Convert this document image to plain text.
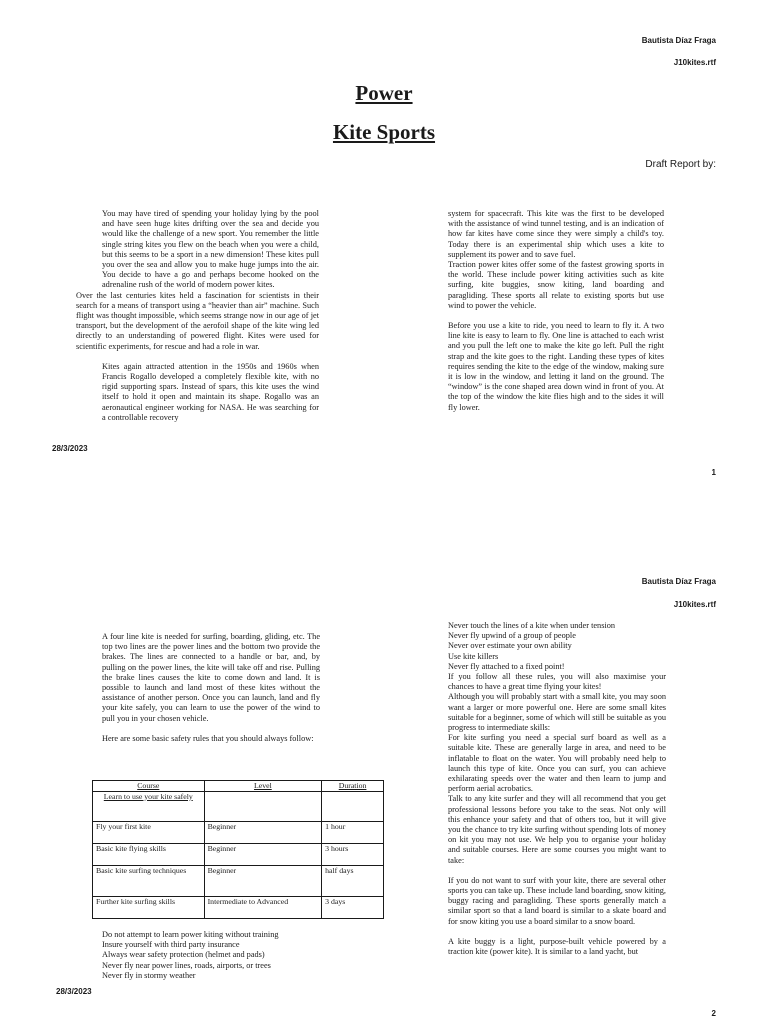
Bautista Díaz Fraga
J10kites.rtf
Power
Kite Sports
Draft Report by:

You may have tired of spending your holiday lying by the pool and have seen huge kites drifting over the sea and decide you would like the challenge of a new sport. You remember the little single string kites you flew on the beach when you were a child, but this seems to be a sport in a new dimension! These kites pull you over the sea and allow you to make huge jumps into the air. You decide to have a go and perhaps become hooked on the adrenaline rush of the world of modern power kites.

Over the last centuries kites held a fascination for scientists in their search for a means of transport using a “heavier than air” machine. Such flight was thought impossible, which seems strange now in our age of jet transport, but the development of the aerofoil shape of the kite wing led directly to an understanding of powered flight. Kites were used for scientific experiments, for rescue and had a role in war.

Kites again attracted attention in the 1950s and 1960s when Francis Rogallo developed a completely flexible kite, with no rigid supporting spars. Instead of spars, this kite uses the wind itself to hold it open and maintain its shape. Rogallo was an aeronautical engineer working for NASA. He was searching for a controllable recovery

system for spacecraft. This kite was the first to be developed with the assistance of wind tunnel testing, and is an indication of how far kites have come since they were simply a child's toy. Today there is an experimental ship which uses a kite to supplement its power and to save fuel.

Traction power kites offer some of the fastest growing sports in the world. These include power kiting activities such as kite surfing, kite buggies, snow kiting, land boarding and paragliding. These sports all relate to existing sports but use wind to power the vehicle.

Before you use a kite to ride, you need to learn to fly it. A two line kite is easy to learn to fly. One line is attached to each wrist and you pull the left one to make the kite go left. Pull the right strap and the kite goes to the right. Landing these types of kites requires sending the kite to the edge of the window, making sure it is low in the window, and letting it land on the ground. The “window” is the cone shaped area down wind in front of you. At the top of the window the kite flies high and to the sides it will fly lower.

28/3/2023
1
Bautista Díaz Fraga
J10kites.rtf

A four line kite is needed for surfing, boarding, gliding, etc. The top two lines are the power lines and the bottom two provide the brakes. The lines are connected to a handle or bar, and, by pulling on the power lines, the kite will take off and rise. Pulling the brake lines causes the kite to come down and land. It is possible to launch and land most of these kites without the assistance of another person. Once you can launch, land and fly your kite safely, you can learn to use the power of the wind to pull you in your chosen vehicle.

Here are some basic safety rules that you should always follow:

Course	Level	Duration
Learn to use your kite safely		
Fly your first kite	Beginner	1 hour
Basic kite flying skills	Beginner	3 hours
Basic kite surfing techniques	Beginner	half days
Further kite surfing skills	Intermediate to Advanced	3 days

Do not attempt to learn power kiting without training

Insure yourself with third party insurance

Always wear safety protection (helmet and pads)

Never fly near power lines, roads, airports, or trees

Never fly in stormy weather

Never touch the lines of a kite when under tension

Never fly upwind of a group of people

Never over estimate your own ability

Use kite killers

Never fly attached to a fixed point!

If you follow all these rules, you will also maximise your chances to have a great time flying your kites!

Although you will probably start with a small kite, you may soon want a larger or more powerful one. Here are some small kites suitable for a beginner, some of which will still be suitable as you progress to intermediate skills:

For kite surfing you need a special surf board as well as a suitable kite. These are generally large in area, and need to be inflatable to float on the water. You will probably need help to launch this type of kite. Once you can surf, you can achieve exhilarating speeds over the water and then learn to jump and perform aerial acrobatics.

Talk to any kite surfer and they will all recommend that you get professional lessons before you take to the seas. Not only will this enhance your safety and that of others too, but it will give you the chance to try kite surfing without spending lots of money on kit you may not use. We help you to organise your holiday and suitable courses. Here are some courses you might want to take:

If you do not want to surf with your kite, there are several other sports you can take up. These include land boarding, snow kiting, buggy racing and paragliding. These sports generally match a similar sport so that a land board is similar to a skate board and for snow kiting you use a board similar to a snow board.

A kite buggy is a light, purpose-built vehicle powered by a traction kite (power kite). It is similar to a land yacht, but

28/3/2023
2
